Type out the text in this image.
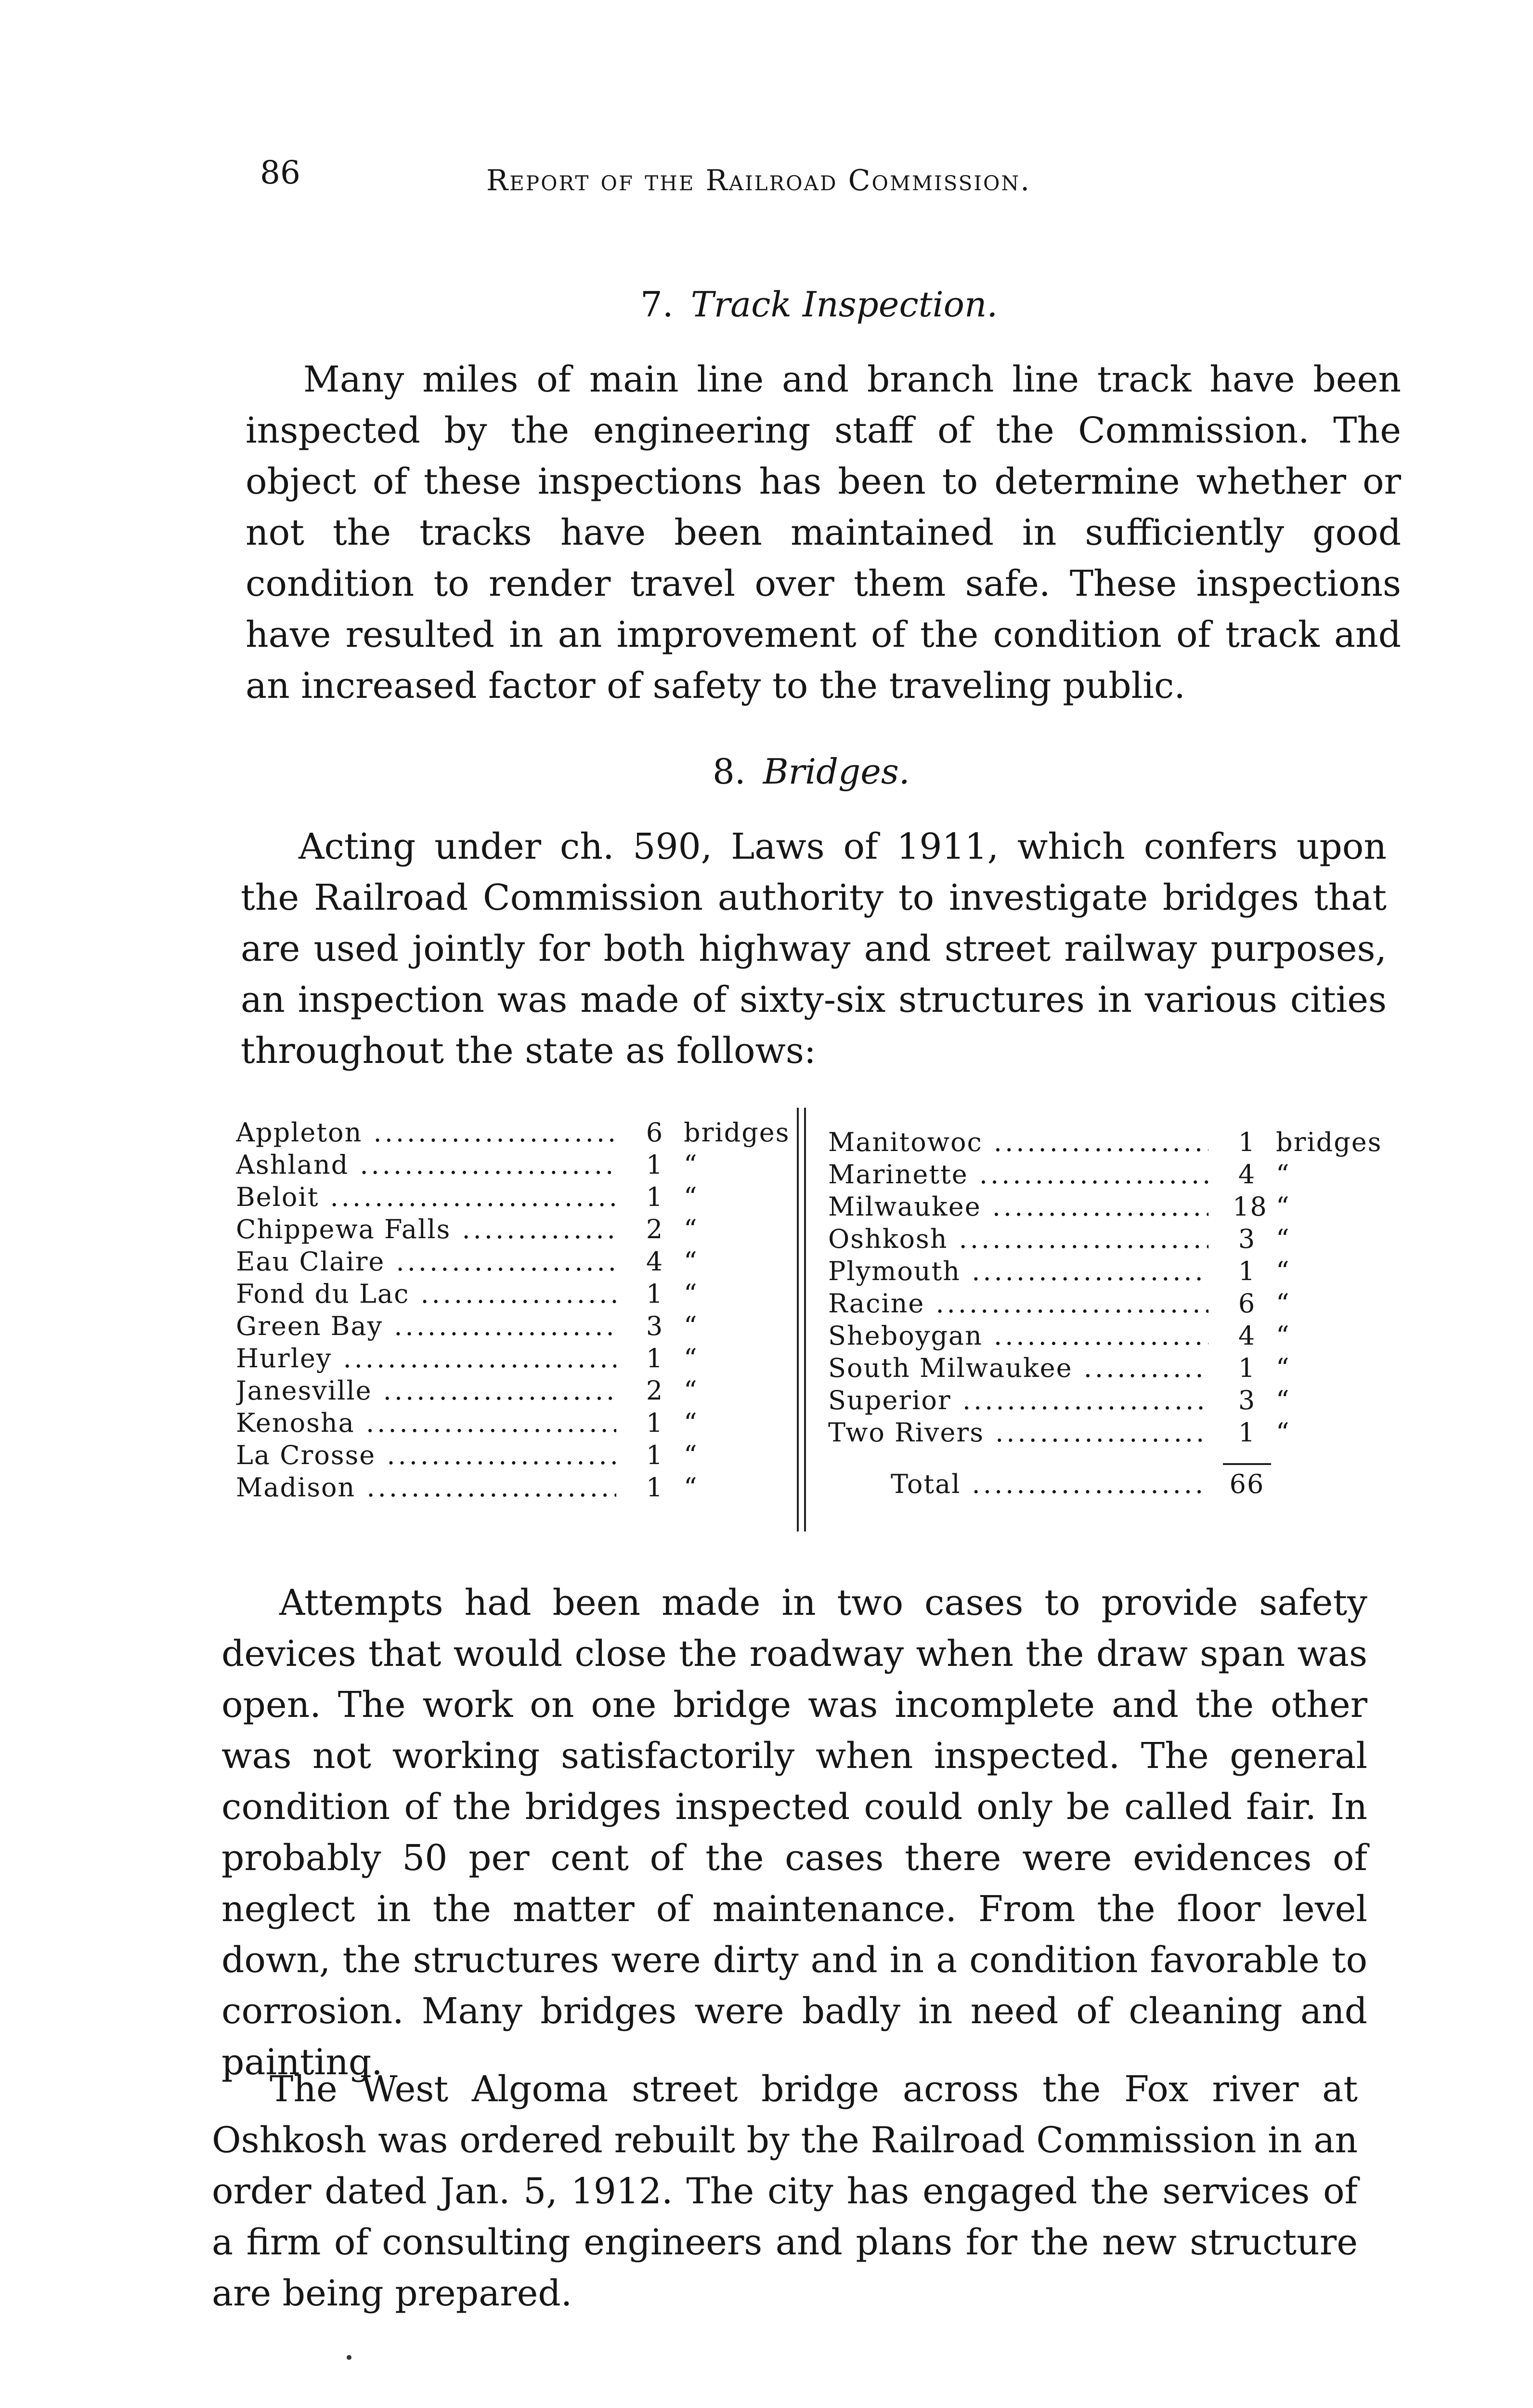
86	Report of the Railroad Commission.
7. Track Inspection.
Many miles of main line and branch line track have been inspected by the engineering staff of the Commission. The object of these inspections has been to determine whether or not the tracks have been maintained in sufficiently good condition to render travel over them safe. These inspections have resulted in an improvement of the condition of track and an increased factor of safety to the traveling public.
8. Bridges.
Acting under ch. 590, Laws of 1911, which confers upon the Railroad Commission authority to investigate bridges that are used jointly for both highway and street railway purposes, an inspection was made of sixty-six structures in various cities throughout the state as follows:
Appleton .....	6 bridges
Ashland .....	1 “
Beloit .....	1 “
Chippewa Falls .....	2 “
Eau Claire .....	4 “
Fond du Lac .....	1 “
Green Bay .....	3 “
Hurley .....	1 “
Janesville .....	2 “
Kenosha .....	1 “
La Crosse .....	1 “
Madison .....	1 “
Manitowoc .....	1 bridges
Marinette .....	4 “
Milwaukee .....	18 “
Oshkosh .....	3 “
Plymouth .....	1 “
Racine .....	6 “
Sheboygan .....	4 “
South Milwaukee .....	1 “
Superior .....	3 “
Two Rivers .....	1 “
Total .....	66
Attempts had been made in two cases to provide safety devices that would close the roadway when the draw span was open. The work on one bridge was incomplete and the other was not working satisfactorily when inspected. The general condition of the bridges inspected could only be called fair. In probably 50 per cent of the cases there were evidences of neglect in the matter of maintenance. From the floor level down, the structures were dirty and in a condition favorable to corrosion. Many bridges were badly in need of cleaning and painting.
The West Algoma street bridge across the Fox river at Oshkosh was ordered rebuilt by the Railroad Commission in an order dated Jan. 5, 1912. The city has engaged the services of a firm of consulting engineers and plans for the new structure are being prepared.
